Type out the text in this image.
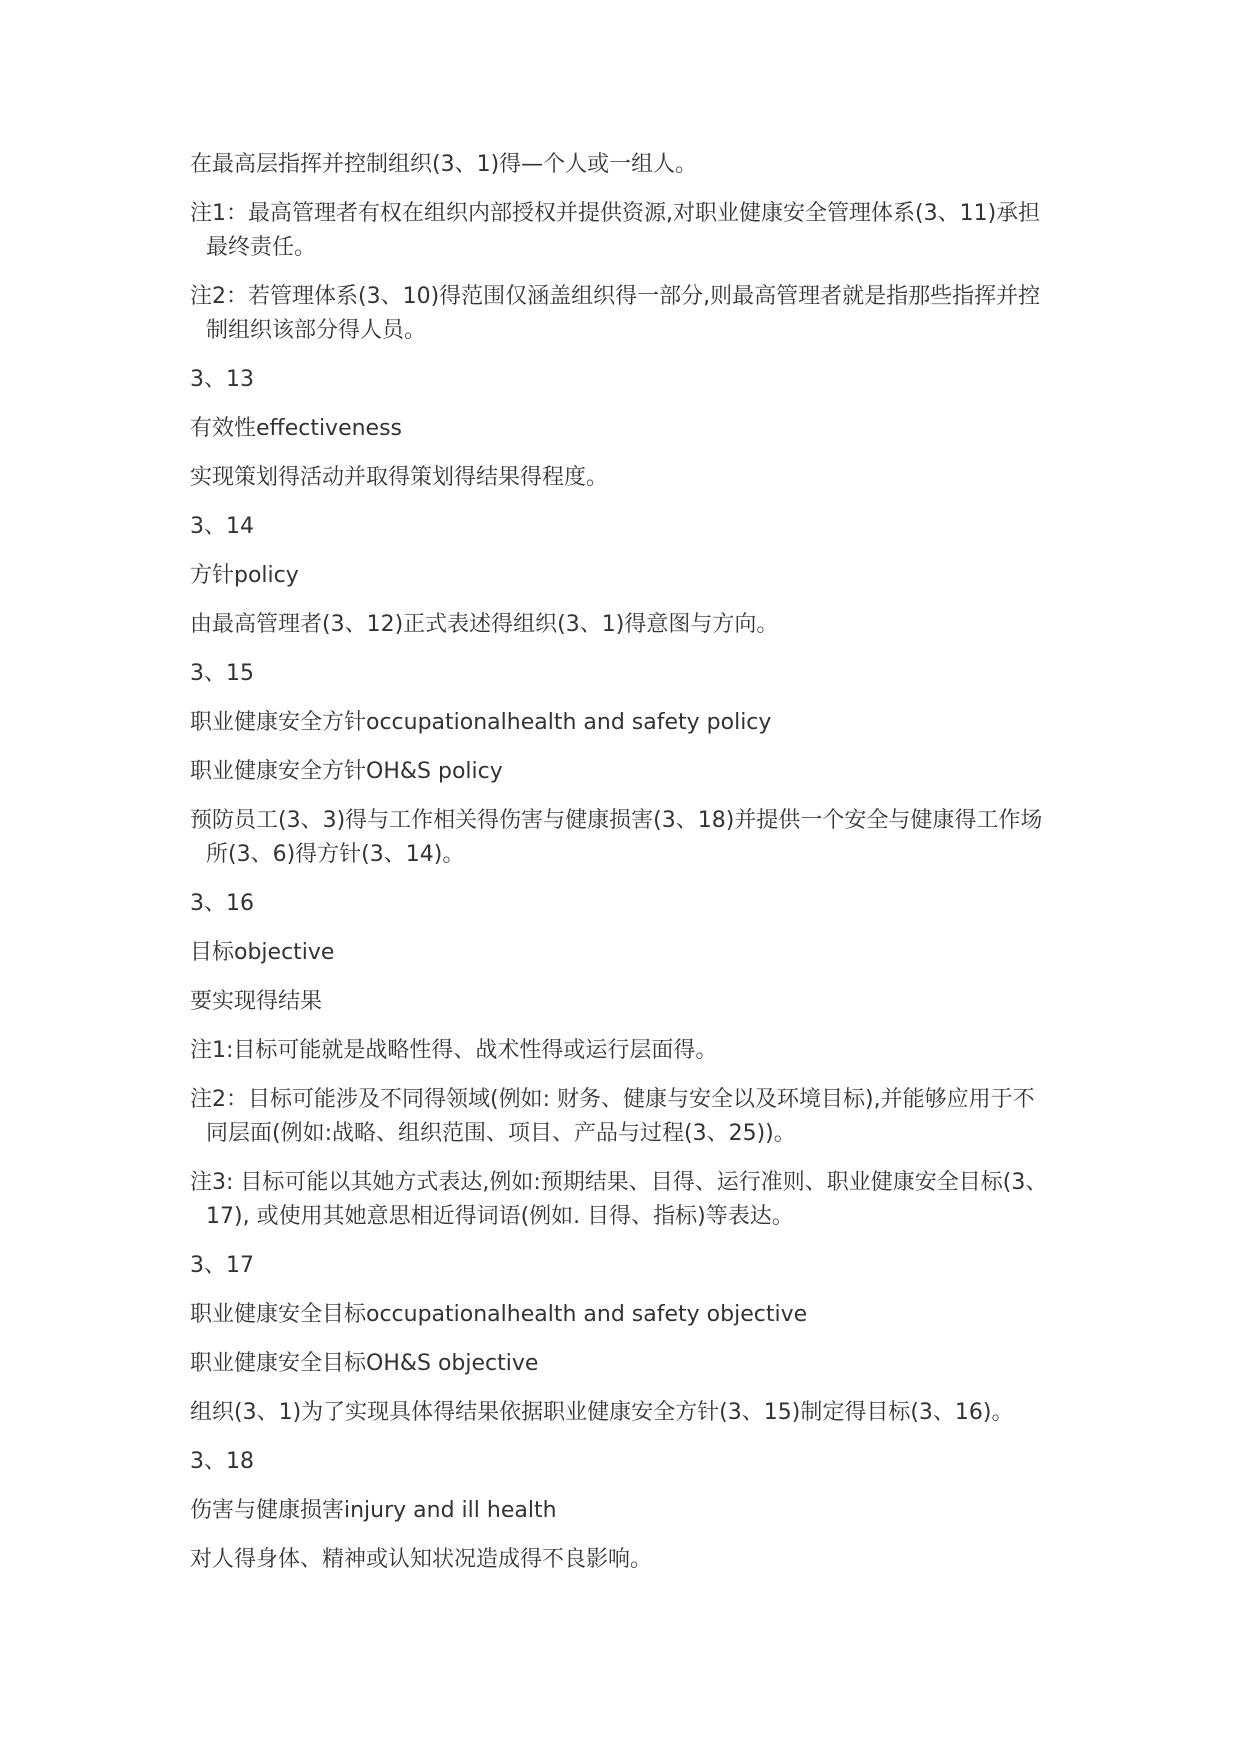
在最高层指挥并控制组织(3、1)得—个人或一组人。

注1：最高管理者有权在组织内部授权并提供资源,对职业健康安全管理体系(3、11)承担最终责任。

注2：若管理体系(3、10)得范围仅涵盖组织得一部分,则最高管理者就是指那些指挥并控制组织该部分得人员。

3、13

有效性effectiveness

实现策划得活动并取得策划得结果得程度。

3、14

方针policy

由最高管理者(3、12)正式表述得组织(3、1)得意图与方向。

3、15

职业健康安全方针occupationalhealth and safety policy

职业健康安全方针OH&S policy

预防员工(3、3)得与工作相关得伤害与健康损害(3、18)并提供一个安全与健康得工作场所(3、6)得方针(3、14)。

3、16

目标objective

要实现得结果

注1:目标可能就是战略性得、战术性得或运行层面得。

注2：目标可能涉及不同得领域(例如: 财务、健康与安全以及环境目标),并能够应用于不同层面(例如:战略、组织范围、项目、产品与过程(3、25))。

注3: 目标可能以其她方式表达,例如:预期结果、目得、运行准则、职业健康安全目标(3、17), 或使用其她意思相近得词语(例如. 目得、指标)等表达。

3、17

职业健康安全目标occupationalhealth and safety objective

职业健康安全目标OH&S objective

组织(3、1)为了实现具体得结果依据职业健康安全方针(3、15)制定得目标(3、16)。

3、18

伤害与健康损害injury and ill health

对人得身体、精神或认知状况造成得不良影响。
